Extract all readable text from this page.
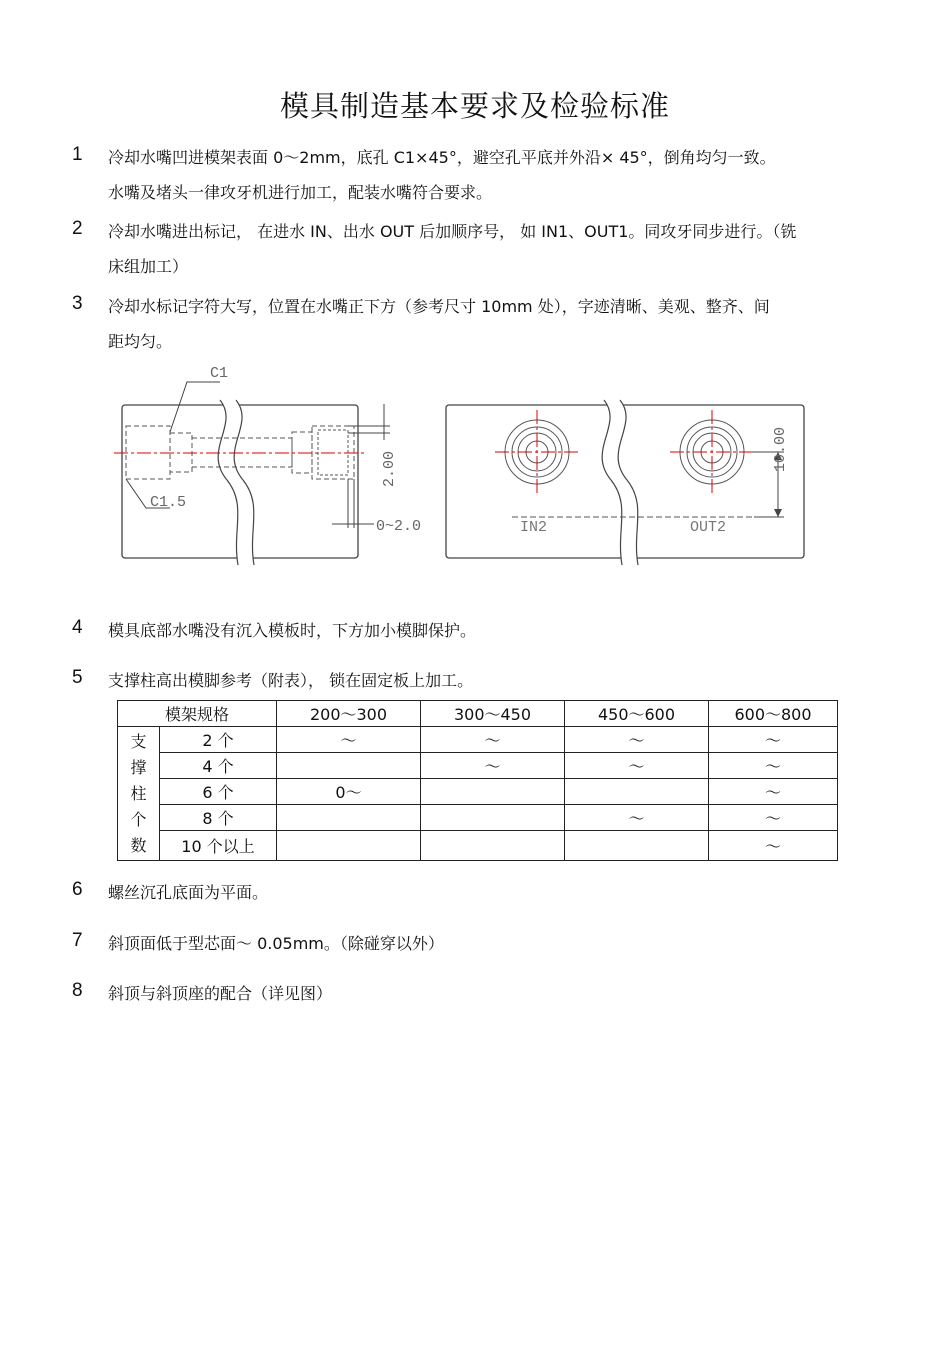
模具制造基本要求及检验标准
1 冷却水嘴凹进模架表面 0～2mm，底孔 C1×45°，避空孔平底并外沿× 45°，倒角均匀一致。
水嘴及堵头一律攻牙机进行加工，配装水嘴符合要求。
2 冷却水嘴进出标记， 在进水 IN、出水 OUT 后加顺序号， 如 IN1、OUT1。同攻牙同步进行。（铣
床组加工）
3 冷却水标记字符大写，位置在水嘴正下方（参考尺寸 10mm 处），字迹清晰、美观、整齐、间
距均匀。
C1
C1.5
2.00
0~2.0
10.00
IN2	OUT2
4 模具底部水嘴没有沉入模板时，下方加小模脚保护。
5 支撑柱高出模脚参考（附表）， 锁在固定板上加工。
模架规格		200～300	300～450	450～600	600～800

支
撑
柱
个
数	2 个	～	～	～	～
	4 个		～	～	～
	6 个	0～			～
	8 个			～	～
	10 个以上				～
6 螺丝沉孔底面为平面。
7 斜顶面低于型芯面～ 0.05mm。（除碰穿以外）
8 斜顶与斜顶座的配合（详见图）
